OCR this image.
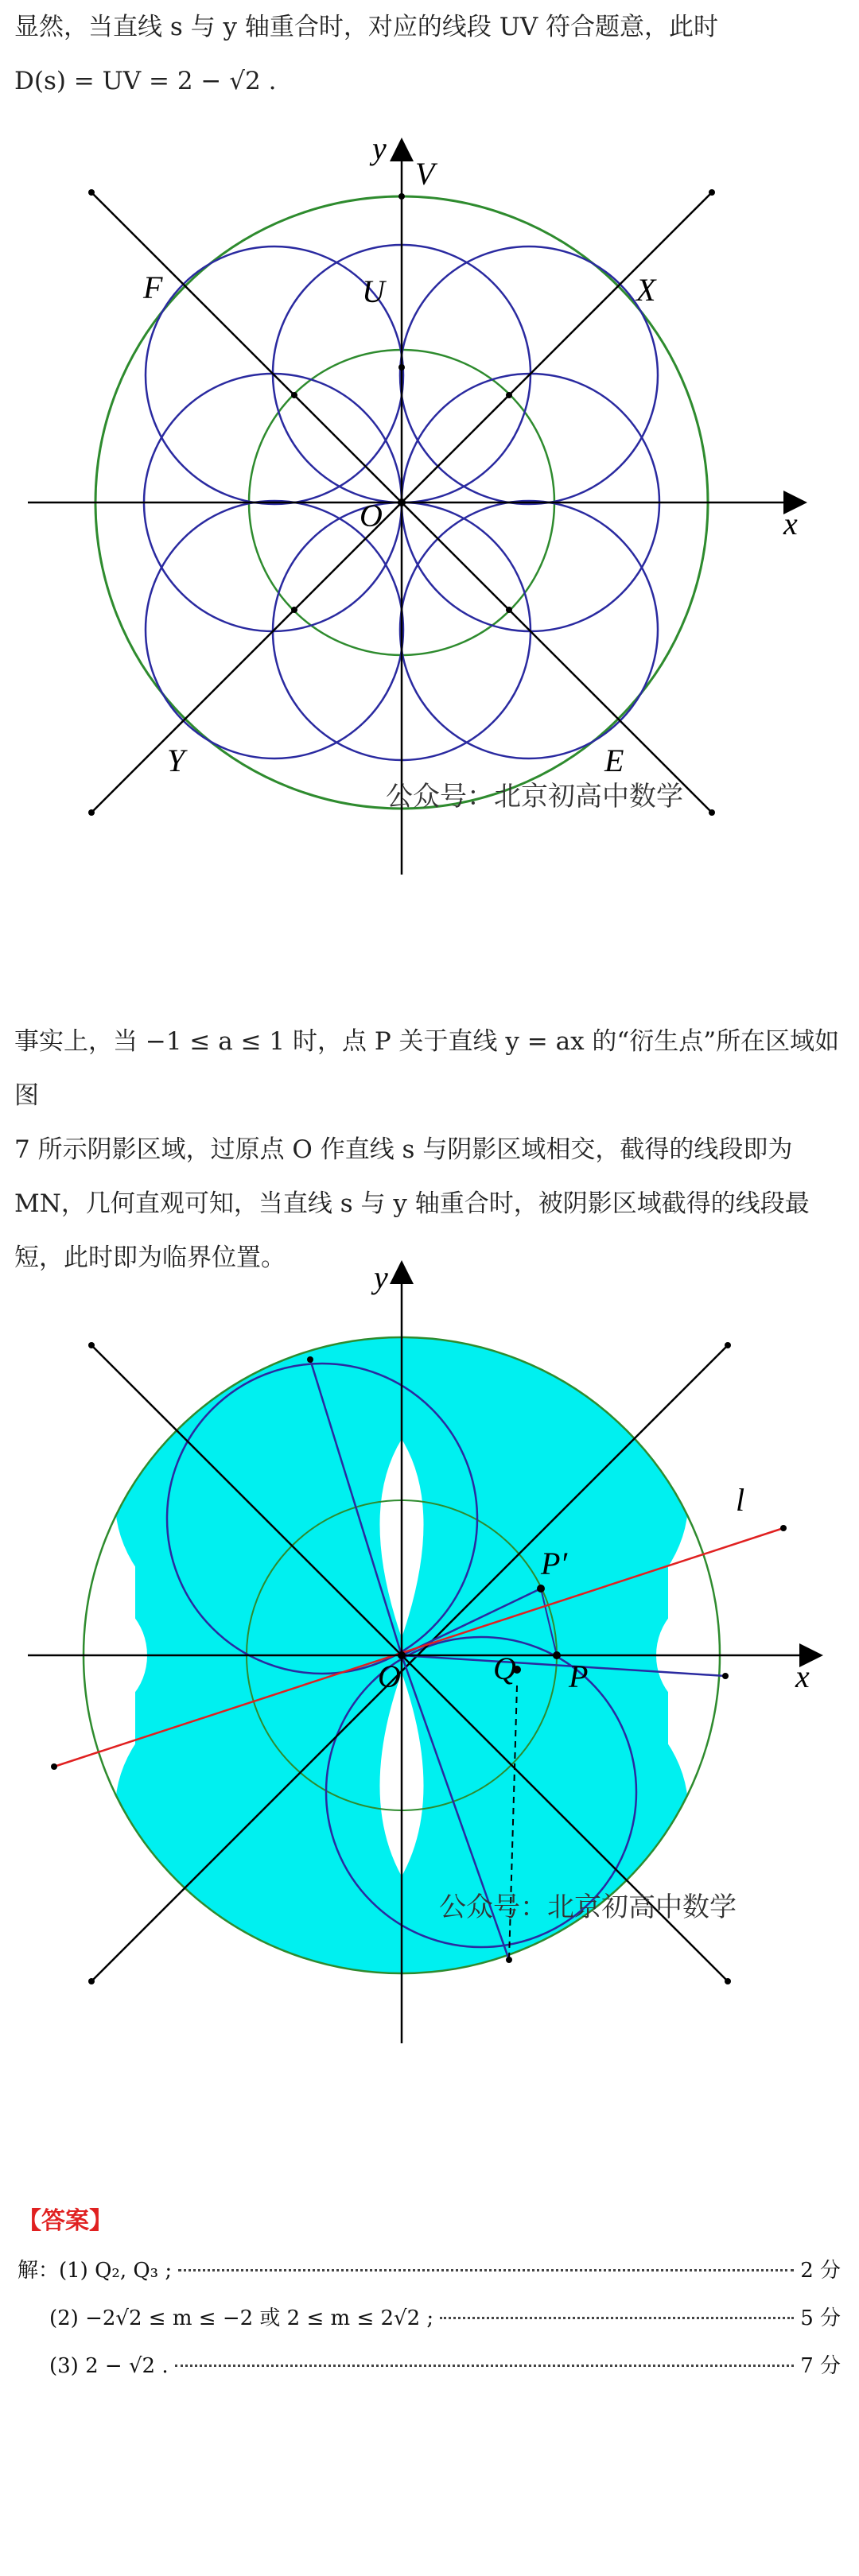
显然，当直线 s 与 y 轴重合时，对应的线段 UV 符合题意，此时
D(s) = UV = 2 − √2 .
y
x
V
U
O
F	X
Y	E
公众号：北京初高中数学
事实上，当 −1 ≤ a ≤ 1 时，点 P 关于直线 y = ax 的“衍生点”所在区域如图
7 所示阴影区域，过原点 O 作直线 s 与阴影区域相交，截得的线段即为
MN，几何直观可知，当直线 s 与 y 轴重合时，被阴影区域截得的线段最
短，此时即为临界位置。
y
x
l
P′
Q P
O
公众号：北京初高中数学
【答案】
解：(1) Q₂, Q₃ ;	2 分
(2) −2√2 ≤ m ≤ −2 或 2 ≤ m ≤ 2√2 ;	5 分
(3) 2 − √2 .	7 分
